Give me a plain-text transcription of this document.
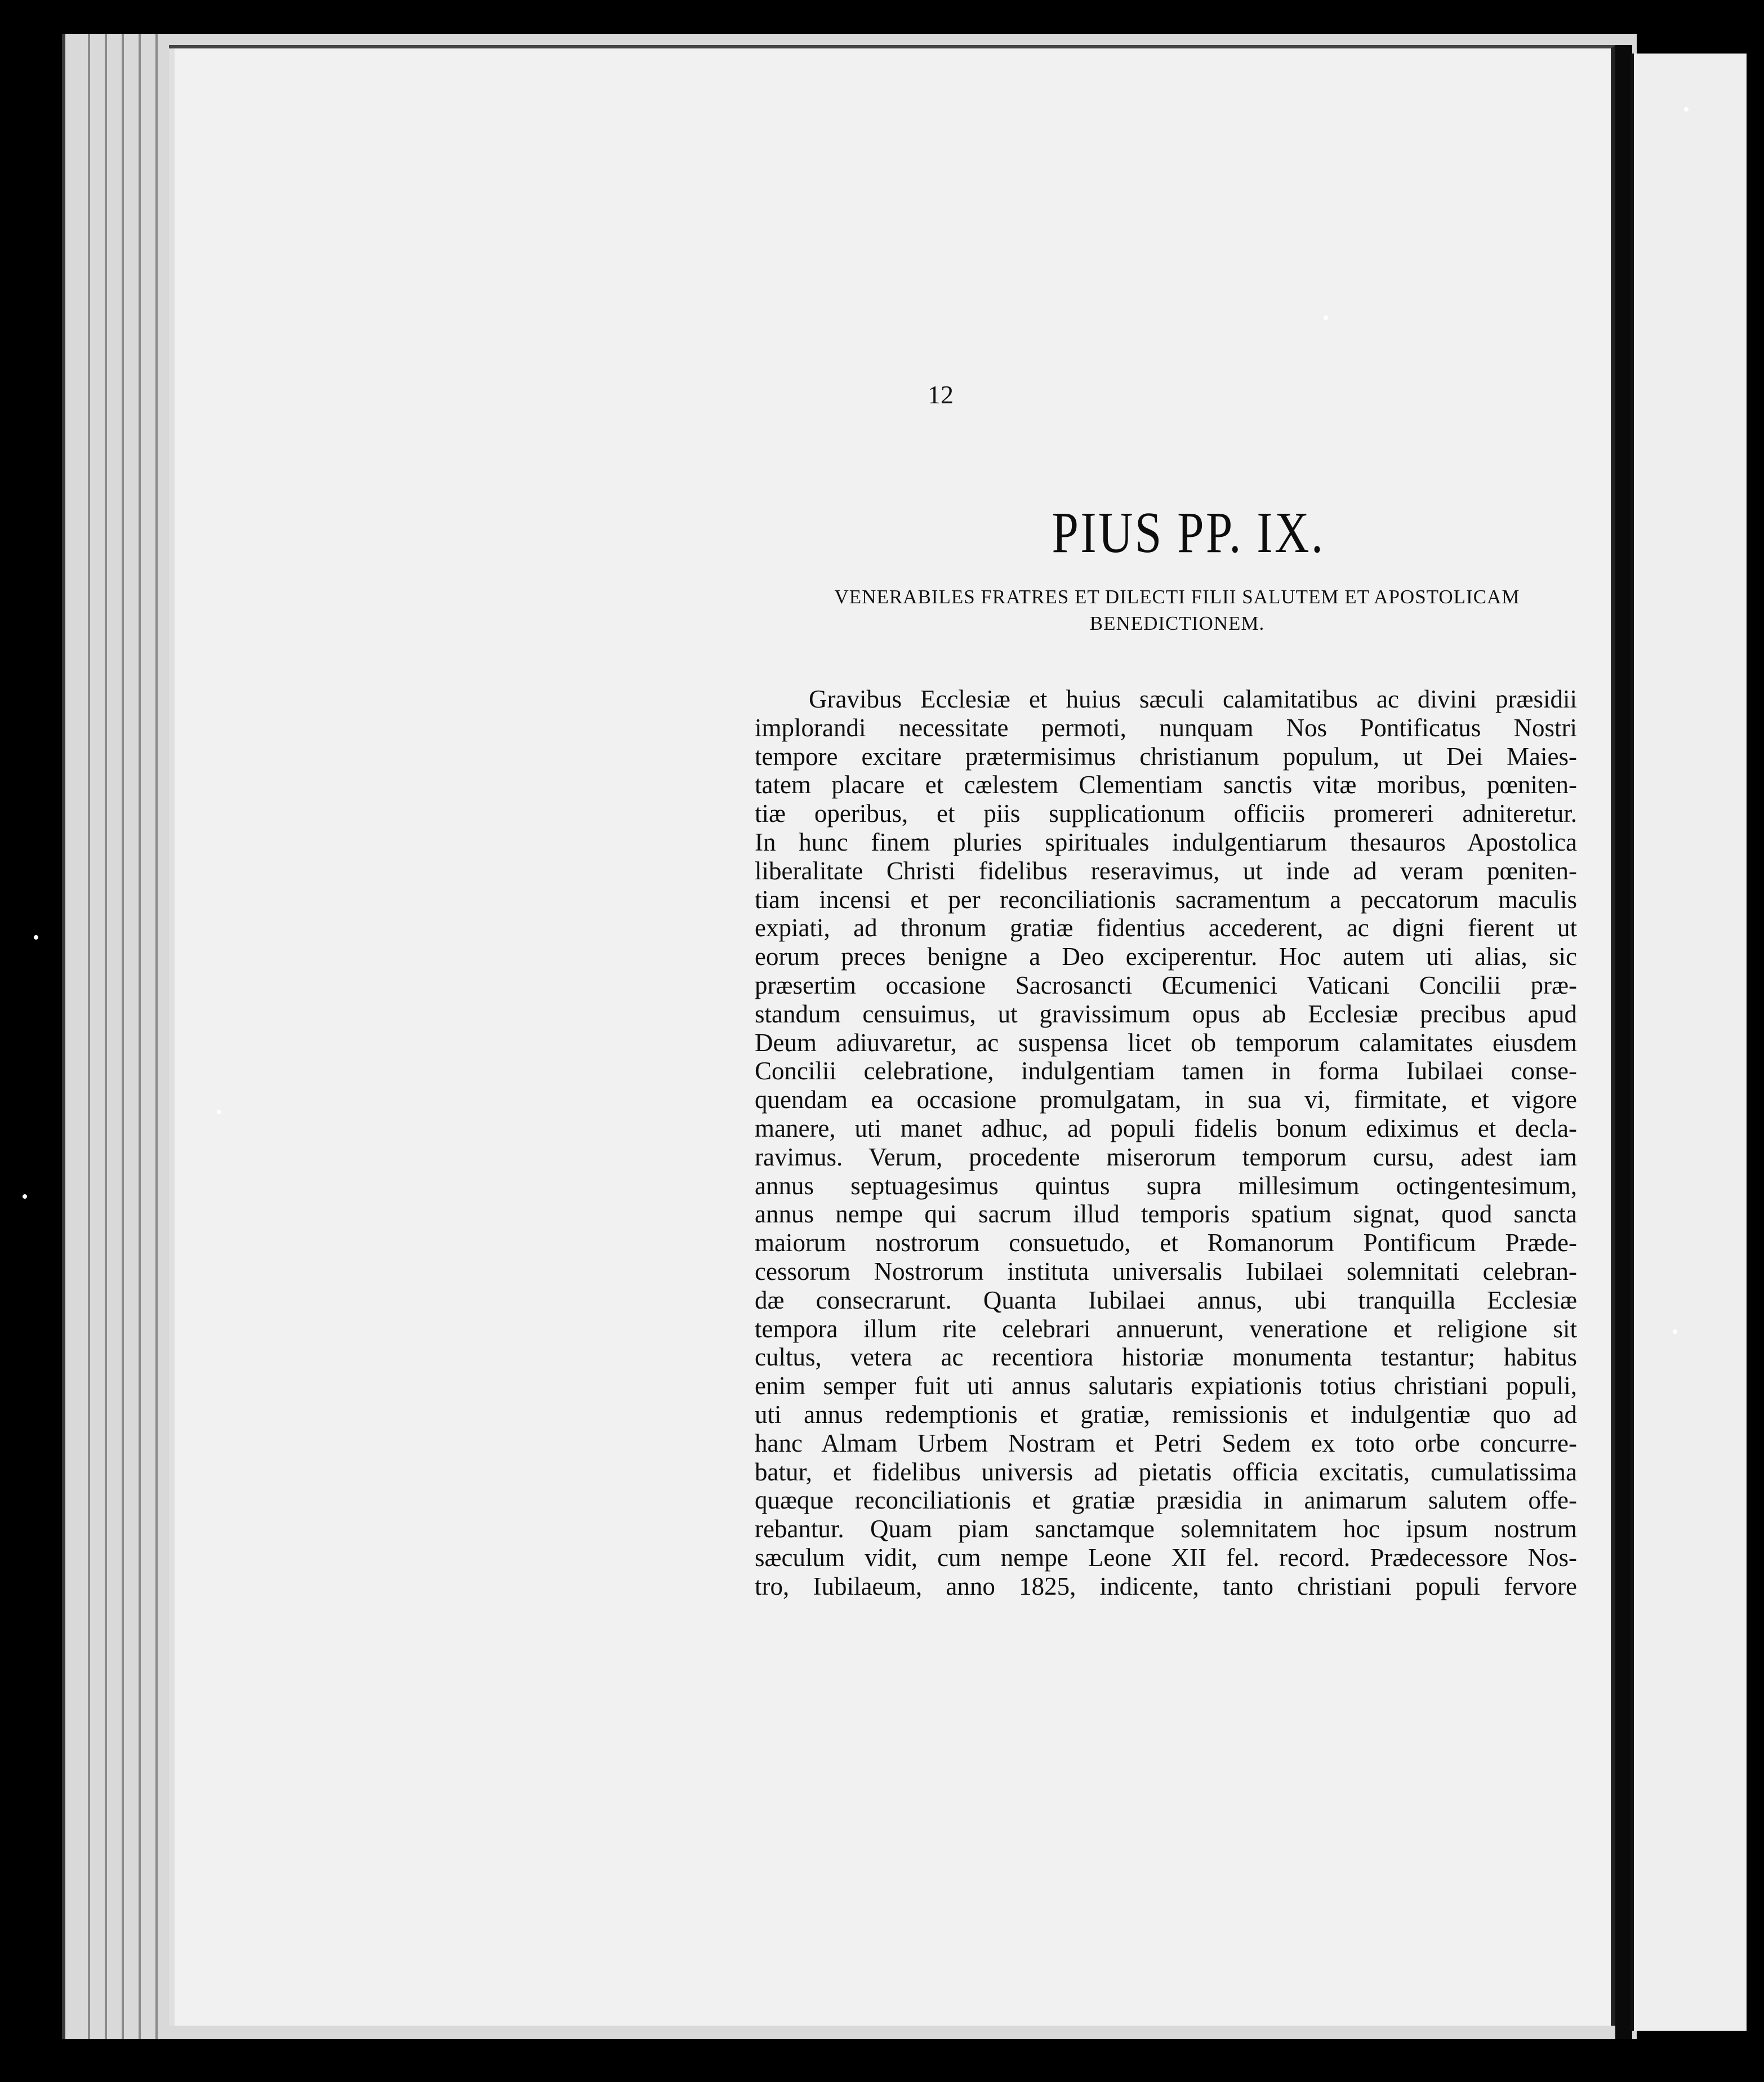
12
PIUS PP. IX.
VENERABILES FRATRES ET DILECTI FILII SALUTEM ET APOSTOLICAM
BENEDICTIONEM.
Gravibus Ecclesiæ et huius sæculi calamitatibus ac divini præsidii
implorandi necessitate permoti, nunquam Nos Pontificatus Nostri
tempore excitare prætermisimus christianum populum, ut Dei Maies-
tatem placare et cælestem Clementiam sanctis vitæ moribus, pœniten-
tiæ operibus, et piis supplicationum officiis promereri adniteretur.
In hunc finem pluries spirituales indulgentiarum thesauros Apostolica
liberalitate Christi fidelibus reseravimus, ut inde ad veram pœniten-
tiam incensi et per reconciliationis sacramentum a peccatorum maculis
expiati, ad thronum gratiæ fidentius accederent, ac digni fierent ut
eorum preces benigne a Deo exciperentur. Hoc autem uti alias, sic
præsertim occasione Sacrosancti Œcumenici Vaticani Concilii præ-
standum censuimus, ut gravissimum opus ab Ecclesiæ precibus apud
Deum adiuvaretur, ac suspensa licet ob temporum calamitates eiusdem
Concilii celebratione, indulgentiam tamen in forma Iubilaei conse-
quendam ea occasione promulgatam, in sua vi, firmitate, et vigore
manere, uti manet adhuc, ad populi fidelis bonum ediximus et decla-
ravimus. Verum, procedente miserorum temporum cursu, adest iam
annus septuagesimus quintus supra millesimum octingentesimum,
annus nempe qui sacrum illud temporis spatium signat, quod sancta
maiorum nostrorum consuetudo, et Romanorum Pontificum Præde-
cessorum Nostrorum instituta universalis Iubilaei solemnitati celebran-
dæ consecrarunt. Quanta Iubilaei annus, ubi tranquilla Ecclesiæ
tempora illum rite celebrari annuerunt, veneratione et religione sit
cultus, vetera ac recentiora historiæ monumenta testantur; habitus
enim semper fuit uti annus salutaris expiationis totius christiani populi,
uti annus redemptionis et gratiæ, remissionis et indulgentiæ quo ad
hanc Almam Urbem Nostram et Petri Sedem ex toto orbe concurre-
batur, et fidelibus universis ad pietatis officia excitatis, cumulatissima
quæque reconciliationis et gratiæ præsidia in animarum salutem offe-
rebantur. Quam piam sanctamque solemnitatem hoc ipsum nostrum
sæculum vidit, cum nempe Leone XII fel. record. Prædecessore Nos-
tro, Iubilaeum, anno 1825, indicente, tanto christiani populi fervore
